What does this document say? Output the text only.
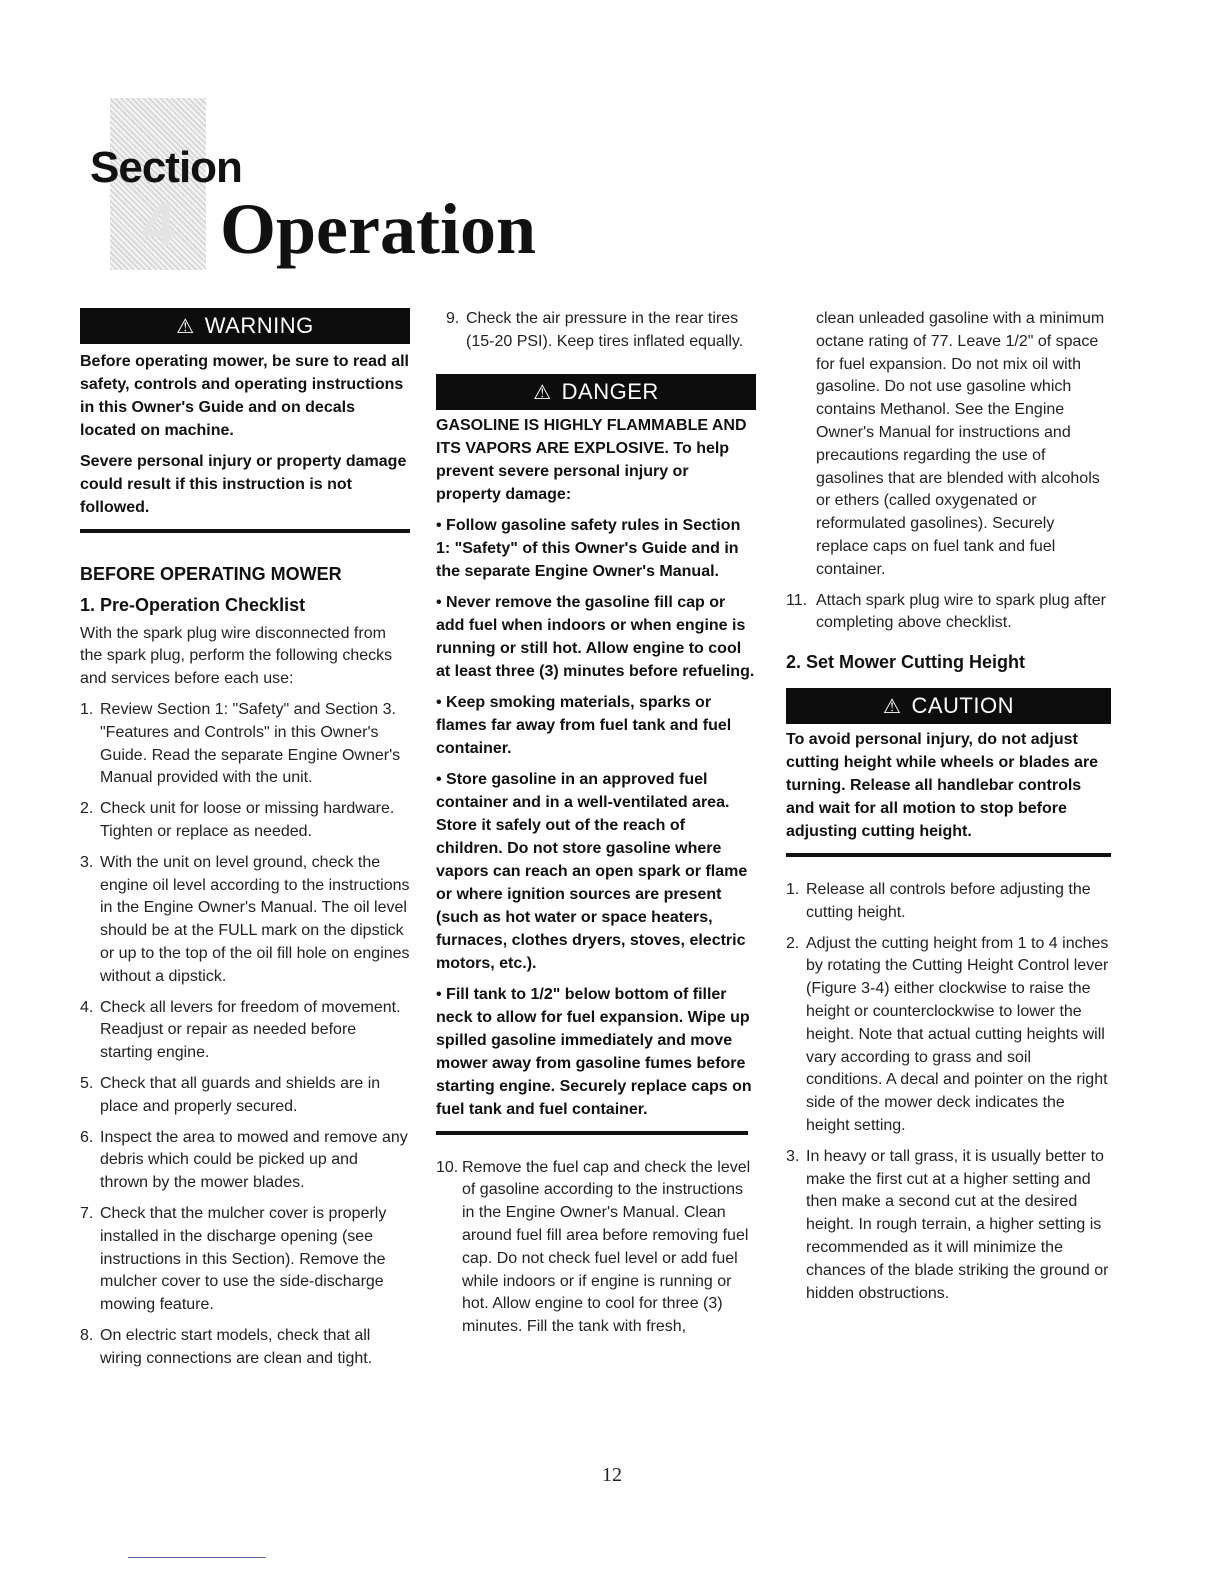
Section
4 Operation
⚠ WARNING

Before operating mower, be sure to read all safety, controls and operating instructions in this Owner's Guide and on decals located on machine.

Severe personal injury or property damage could result if this instruction is not followed.

BEFORE OPERATING MOWER
1. Pre-Operation Checklist

With the spark plug wire disconnected from the spark plug, perform the following checks and services before each use:

1. Review Section 1: "Safety" and Section 3. "Features and Controls" in this Owner's Guide. Read the separate Engine Owner's Manual provided with the unit.
2. Check unit for loose or missing hardware. Tighten or replace as needed.
3. With the unit on level ground, check the engine oil level according to the instructions in the Engine Owner's Manual. The oil level should be at the FULL mark on the dipstick or up to the top of the oil fill hole on engines without a dipstick.
4. Check all levers for freedom of movement. Readjust or repair as needed before starting engine.
5. Check that all guards and shields are in place and properly secured.
6. Inspect the area to mowed and remove any debris which could be picked up and thrown by the mower blades.
7. Check that the mulcher cover is properly installed in the discharge opening (see instructions in this Section). Remove the mulcher cover to use the side-discharge mowing feature.
8. On electric start models, check that all wiring connections are clean and tight.
9. Check the air pressure in the rear tires (15-20 PSI). Keep tires inflated equally.
⚠ DANGER

GASOLINE IS HIGHLY FLAMMABLE AND ITS VAPORS ARE EXPLOSIVE. To help prevent severe personal injury or property damage:

• Follow gasoline safety rules in Section 1: "Safety" of this Owner's Guide and in the separate Engine Owner's Manual.

• Never remove the gasoline fill cap or add fuel when indoors or when engine is running or still hot. Allow engine to cool at least three (3) minutes before refueling.

• Keep smoking materials, sparks or flames far away from fuel tank and fuel container.

• Store gasoline in an approved fuel container and in a well-ventilated area. Store it safely out of the reach of children. Do not store gasoline where vapors can reach an open spark or flame or where ignition sources are present (such as hot water or space heaters, furnaces, clothes dryers, stoves, electric motors, etc.).

• Fill tank to 1/2" below bottom of filler neck to allow for fuel expansion. Wipe up spilled gasoline immediately and move mower away from gasoline fumes before starting engine. Securely replace caps on fuel tank and fuel container.

10. Remove the fuel cap and check the level of gasoline according to the instructions in the Engine Owner's Manual. Clean around fuel fill area before removing fuel cap. Do not check fuel level or add fuel while indoors or if engine is running or hot. Allow engine to cool for three (3) minutes. Fill the tank with fresh,

clean unleaded gasoline with a minimum octane rating of 77. Leave 1/2" of space for fuel expansion. Do not mix oil with gasoline. Do not use gasoline which contains Methanol. See the Engine Owner's Manual for instructions and precautions regarding the use of gasolines that are blended with alcohols or ethers (called oxygenated or reformulated gasolines). Securely replace caps on fuel tank and fuel container.

11. Attach spark plug wire to spark plug after completing above checklist.
2. Set Mower Cutting Height
⚠ CAUTION

To avoid personal injury, do not adjust cutting height while wheels or blades are turning. Release all handlebar controls and wait for all motion to stop before adjusting cutting height.

1. Release all controls before adjusting the cutting height.
2. Adjust the cutting height from 1 to 4 inches by rotating the Cutting Height Control lever (Figure 3-4) either clockwise to raise the height or counterclockwise to lower the height. Note that actual cutting heights will vary according to grass and soil conditions. A decal and pointer on the right side of the mower deck indicates the height setting.
3. In heavy or tall grass, it is usually better to make the first cut at a higher setting and then make a second cut at the desired height. In rough terrain, a higher setting is recommended as it will minimize the chances of the blade striking the ground or hidden obstructions.
12
